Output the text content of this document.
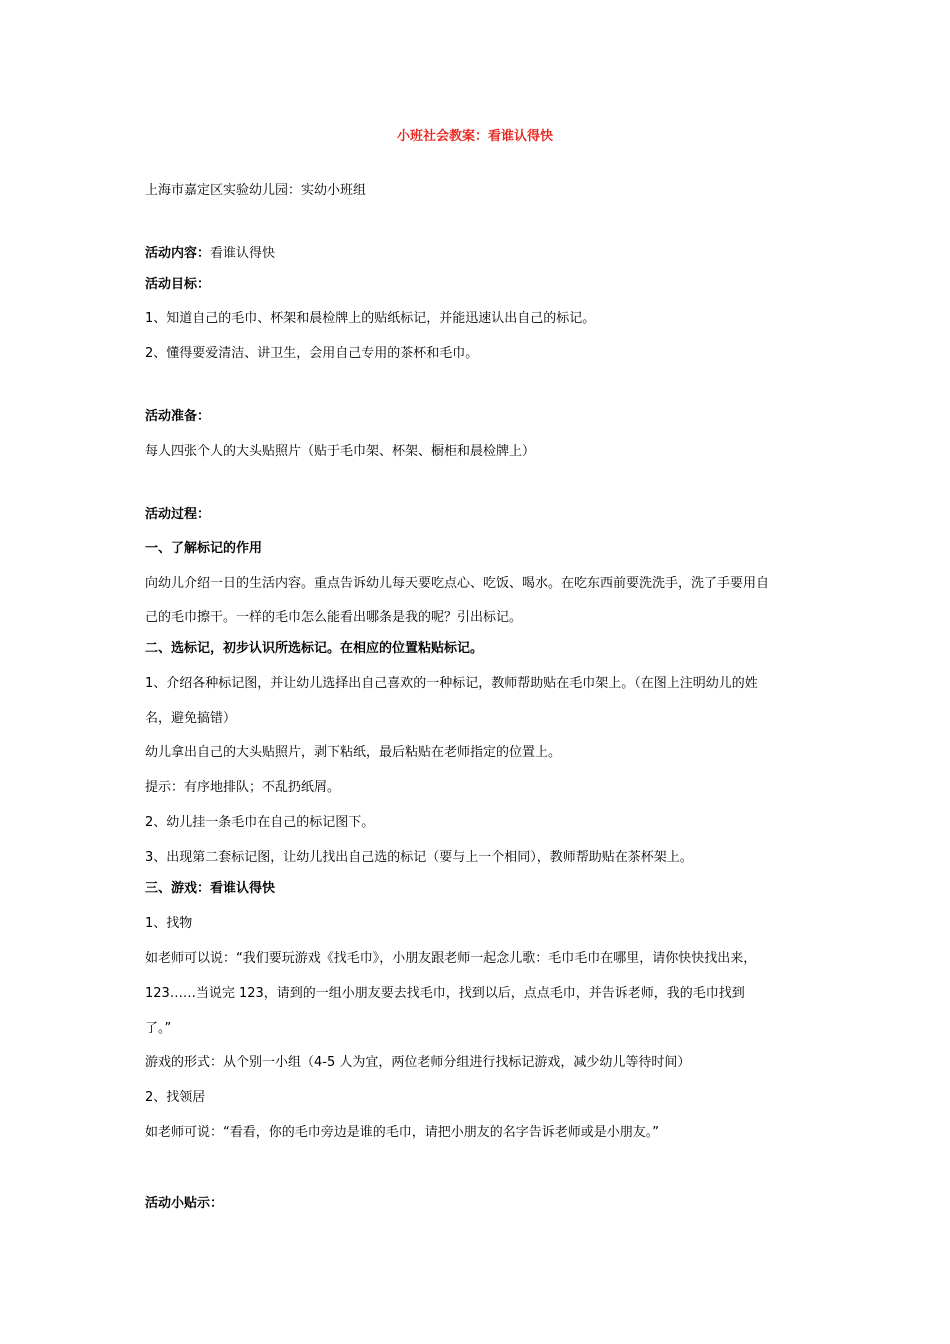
小班社会教案：看谁认得快
上海市嘉定区实验幼儿园：实幼小班组
活动内容：看谁认得快
活动目标：
1、知道自己的毛巾、杯架和晨检牌上的贴纸标记，并能迅速认出自己的标记。
2、懂得要爱清洁、讲卫生，会用自己专用的茶杯和毛巾。
活动准备：
每人四张个人的大头贴照片（贴于毛巾架、杯架、橱柜和晨检牌上）
活动过程：
一、了解标记的作用
向幼儿介绍一日的生活内容。重点告诉幼儿每天要吃点心、吃饭、喝水。在吃东西前要洗洗手，洗了手要用自
己的毛巾擦干。一样的毛巾怎么能看出哪条是我的呢？引出标记。
二、选标记，初步认识所选标记。在相应的位置粘贴标记。
1、介绍各种标记图，并让幼儿选择出自己喜欢的一种标记，教师帮助贴在毛巾架上。（在图上注明幼儿的姓
名，避免搞错）
幼儿拿出自己的大头贴照片，剥下粘纸，最后粘贴在老师指定的位置上。
提示：有序地排队；不乱扔纸屑。
2、幼儿挂一条毛巾在自己的标记图下。
3、出现第二套标记图，让幼儿找出自己选的标记（要与上一个相同），教师帮助贴在茶杯架上。
三、游戏：看谁认得快
1、找物
如老师可以说：“我们要玩游戏《找毛巾》，小朋友跟老师一起念儿歌：毛巾毛巾在哪里，请你快快找出来，
123……当说完 123，请到的一组小朋友要去找毛巾，找到以后，点点毛巾，并告诉老师，我的毛巾找到
了。”
游戏的形式：从个别一小组（4-5 人为宜，两位老师分组进行找标记游戏，减少幼儿等待时间）
2、找领居
如老师可说：“看看，你的毛巾旁边是谁的毛巾，请把小朋友的名字告诉老师或是小朋友。”
活动小贴示：
